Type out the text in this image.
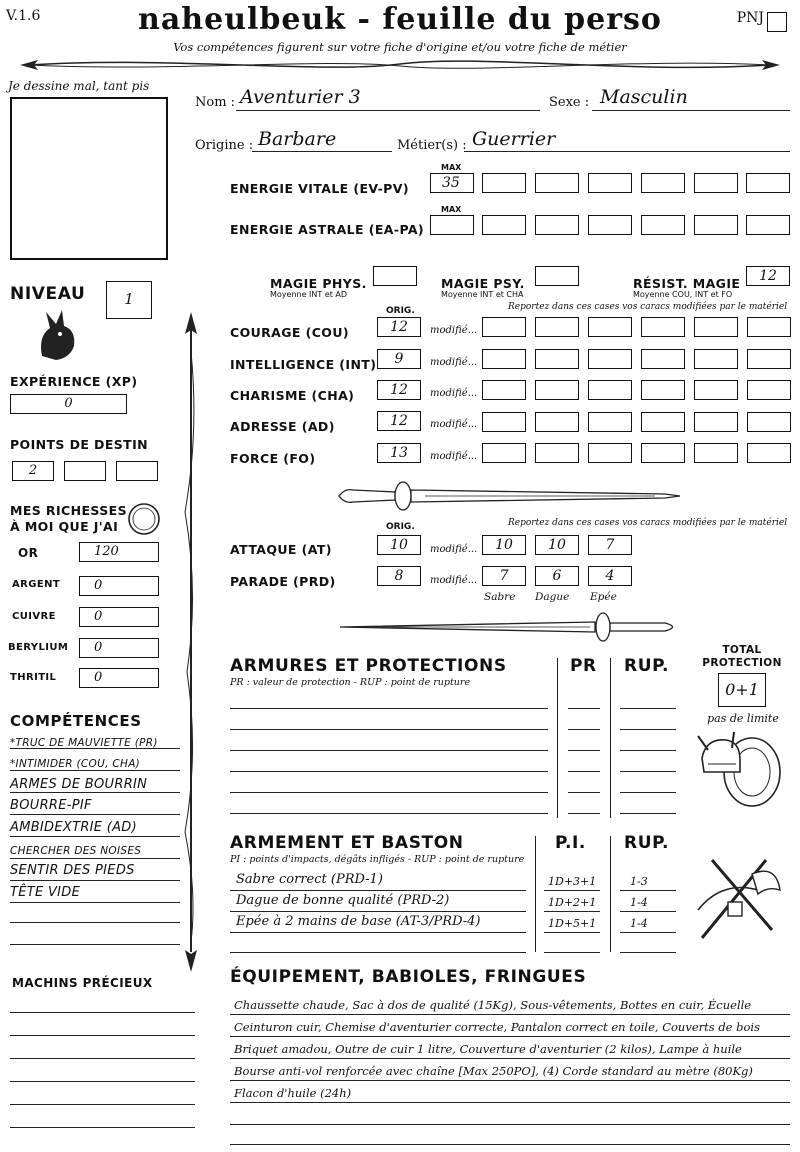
V.1.6	naheulbeuk - feuille du perso
Vos compétences figurent sur votre fiche d'origine et/ou votre fiche de métier
PNJ
Je dessine mal, tant pis
Nom : Aventurier 3	Sexe : Masculin
Origine : Barbare	Métier(s) : Guerrier
MAX
ENERGIE VITALE (EV-PV) 35
MAX
ENERGIE ASTRALE (EA-PA)
MAGIE PHYS.
Moyenne INT et AD
MAGIE PSY.
Moyenne INT et CHA
RÉSIST. MAGIE
Moyenne COU, INT et FO
12
ORIG.	Reportez dans ces cases vos caracs modifiées par le matériel
COURAGE (COU)	12	modifié...
INTELLIGENCE (INT)	9	modifié...
CHARISME (CHA)	12	modifié...
ADRESSE (AD)	12	modifié...
FORCE (FO)	13	modifié...
ORIG.	Reportez dans ces cases vos caracs modifiées par le matériel
ATTAQUE (AT)	10	modifié...	10	10	7
PARADE (PRD)	8	modifié...	7	6	4
Sabre Dague Epée
NIVEAU	1
EXPÉRIENCE (XP)
0
POINTS DE DESTIN
2
MES RICHESSES
À MOI QUE J'AI
OR	120
ARGENT	0
CUIVRE	0
BERYLIUM 0
THRITIL	0
COMPÉTENCES
*TRUC DE MAUVIETTE (PR)
*INTIMIDER (COU, CHA)
ARMES DE BOURRIN
BOURRE-PIF
AMBIDEXTRIE (AD)
CHERCHER DES NOISES
SENTIR DES PIEDS
TÊTE VIDE
MACHINS PRÉCIEUX
ARMURES ET PROTECTIONS
PR : valeur de protection - RUP : point de rupture
PR RUP.
TOTAL
PROTECTION
0+1
pas de limite
ARMEMENT ET BASTON
PI : points d'impacts, dégâts infligés - RUP : point de rupture
P.I. RUP.
Sabre correct (PRD-1)	1D+3+1	1-3
Dague de bonne qualité (PRD-2)	1D+2+1	1-4
Epée à 2 mains de base (AT-3/PRD-4)	1D+5+1	1-4
ÉQUIPEMENT, BABIOLES, FRINGUES
Chaussette chaude, Sac à dos de qualité (15Kg), Sous-vêtements, Bottes en cuir, Écuelle
Ceinturon cuir, Chemise d'aventurier correcte, Pantalon correct en toile, Couverts de bois
Briquet amadou, Outre de cuir 1 litre, Couverture d'aventurier (2 kilos), Lampe à huile
Bourse anti-vol renforcée avec chaîne [Max 250PO], (4) Corde standard au mètre (80Kg)
Flacon d'huile (24h)
